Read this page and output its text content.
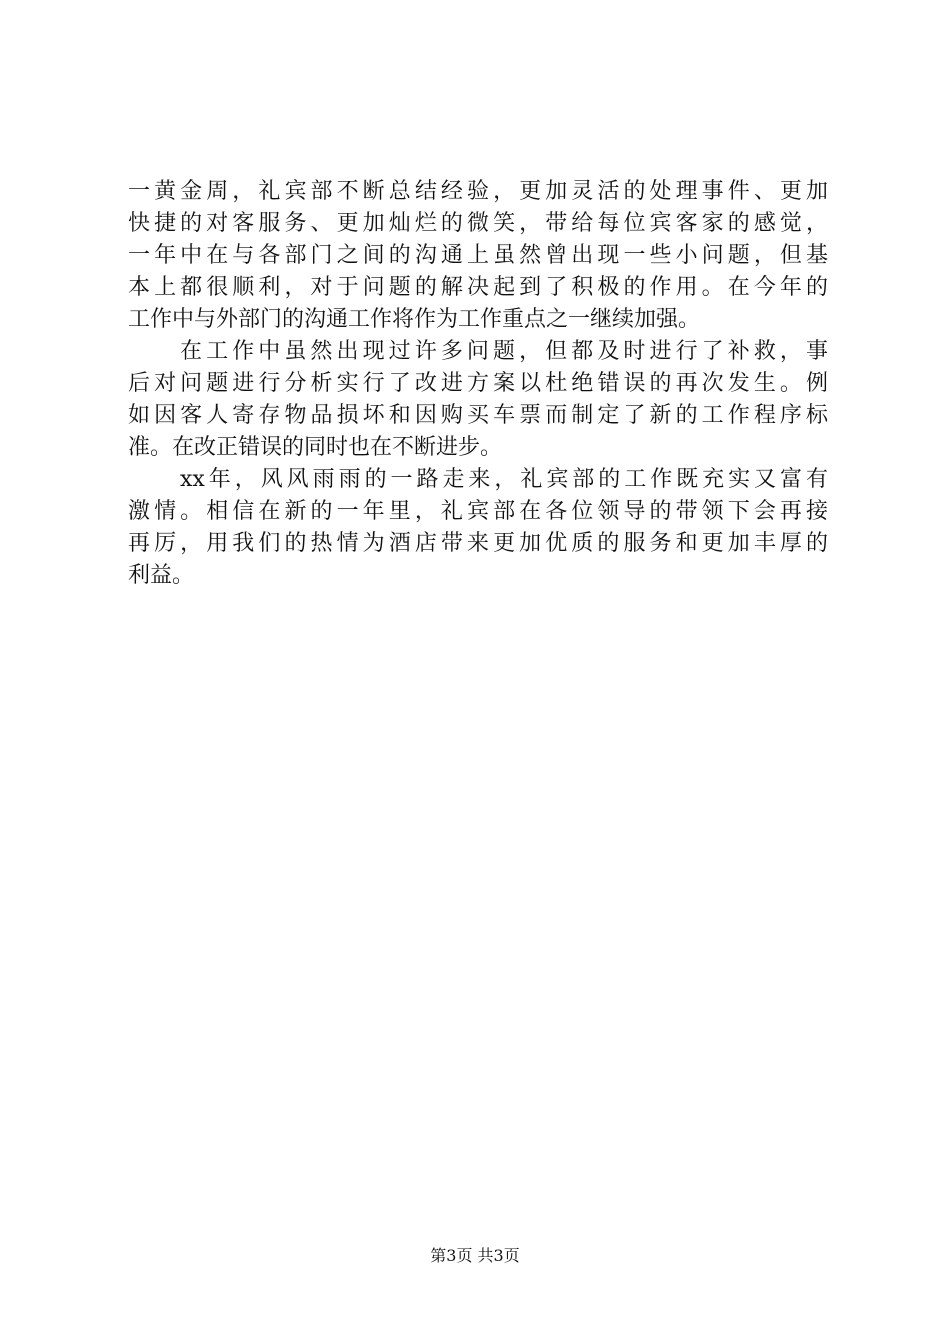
一黄金周，礼宾部不断总结经验，更加灵活的处理事件、更加
快捷的对客服务、更加灿烂的微笑，带给每位宾客家的感觉，
一年中在与各部门之间的沟通上虽然曾出现一些小问题，但基
本上都很顺利，对于问题的解决起到了积极的作用。在今年的
工作中与外部门的沟通工作将作为工作重点之一继续加强。
在工作中虽然出现过许多问题，但都及时进行了补救，事
后对问题进行分析实行了改进方案以杜绝错误的再次发生。例
如因客人寄存物品损坏和因购买车票而制定了新的工作程序标
准。在改正错误的同时也在不断进步。
xx年，风风雨雨的一路走来，礼宾部的工作既充实又富有
激情。相信在新的一年里，礼宾部在各位领导的带领下会再接
再厉，用我们的热情为酒店带来更加优质的服务和更加丰厚的
利益。
第3页 共3页
